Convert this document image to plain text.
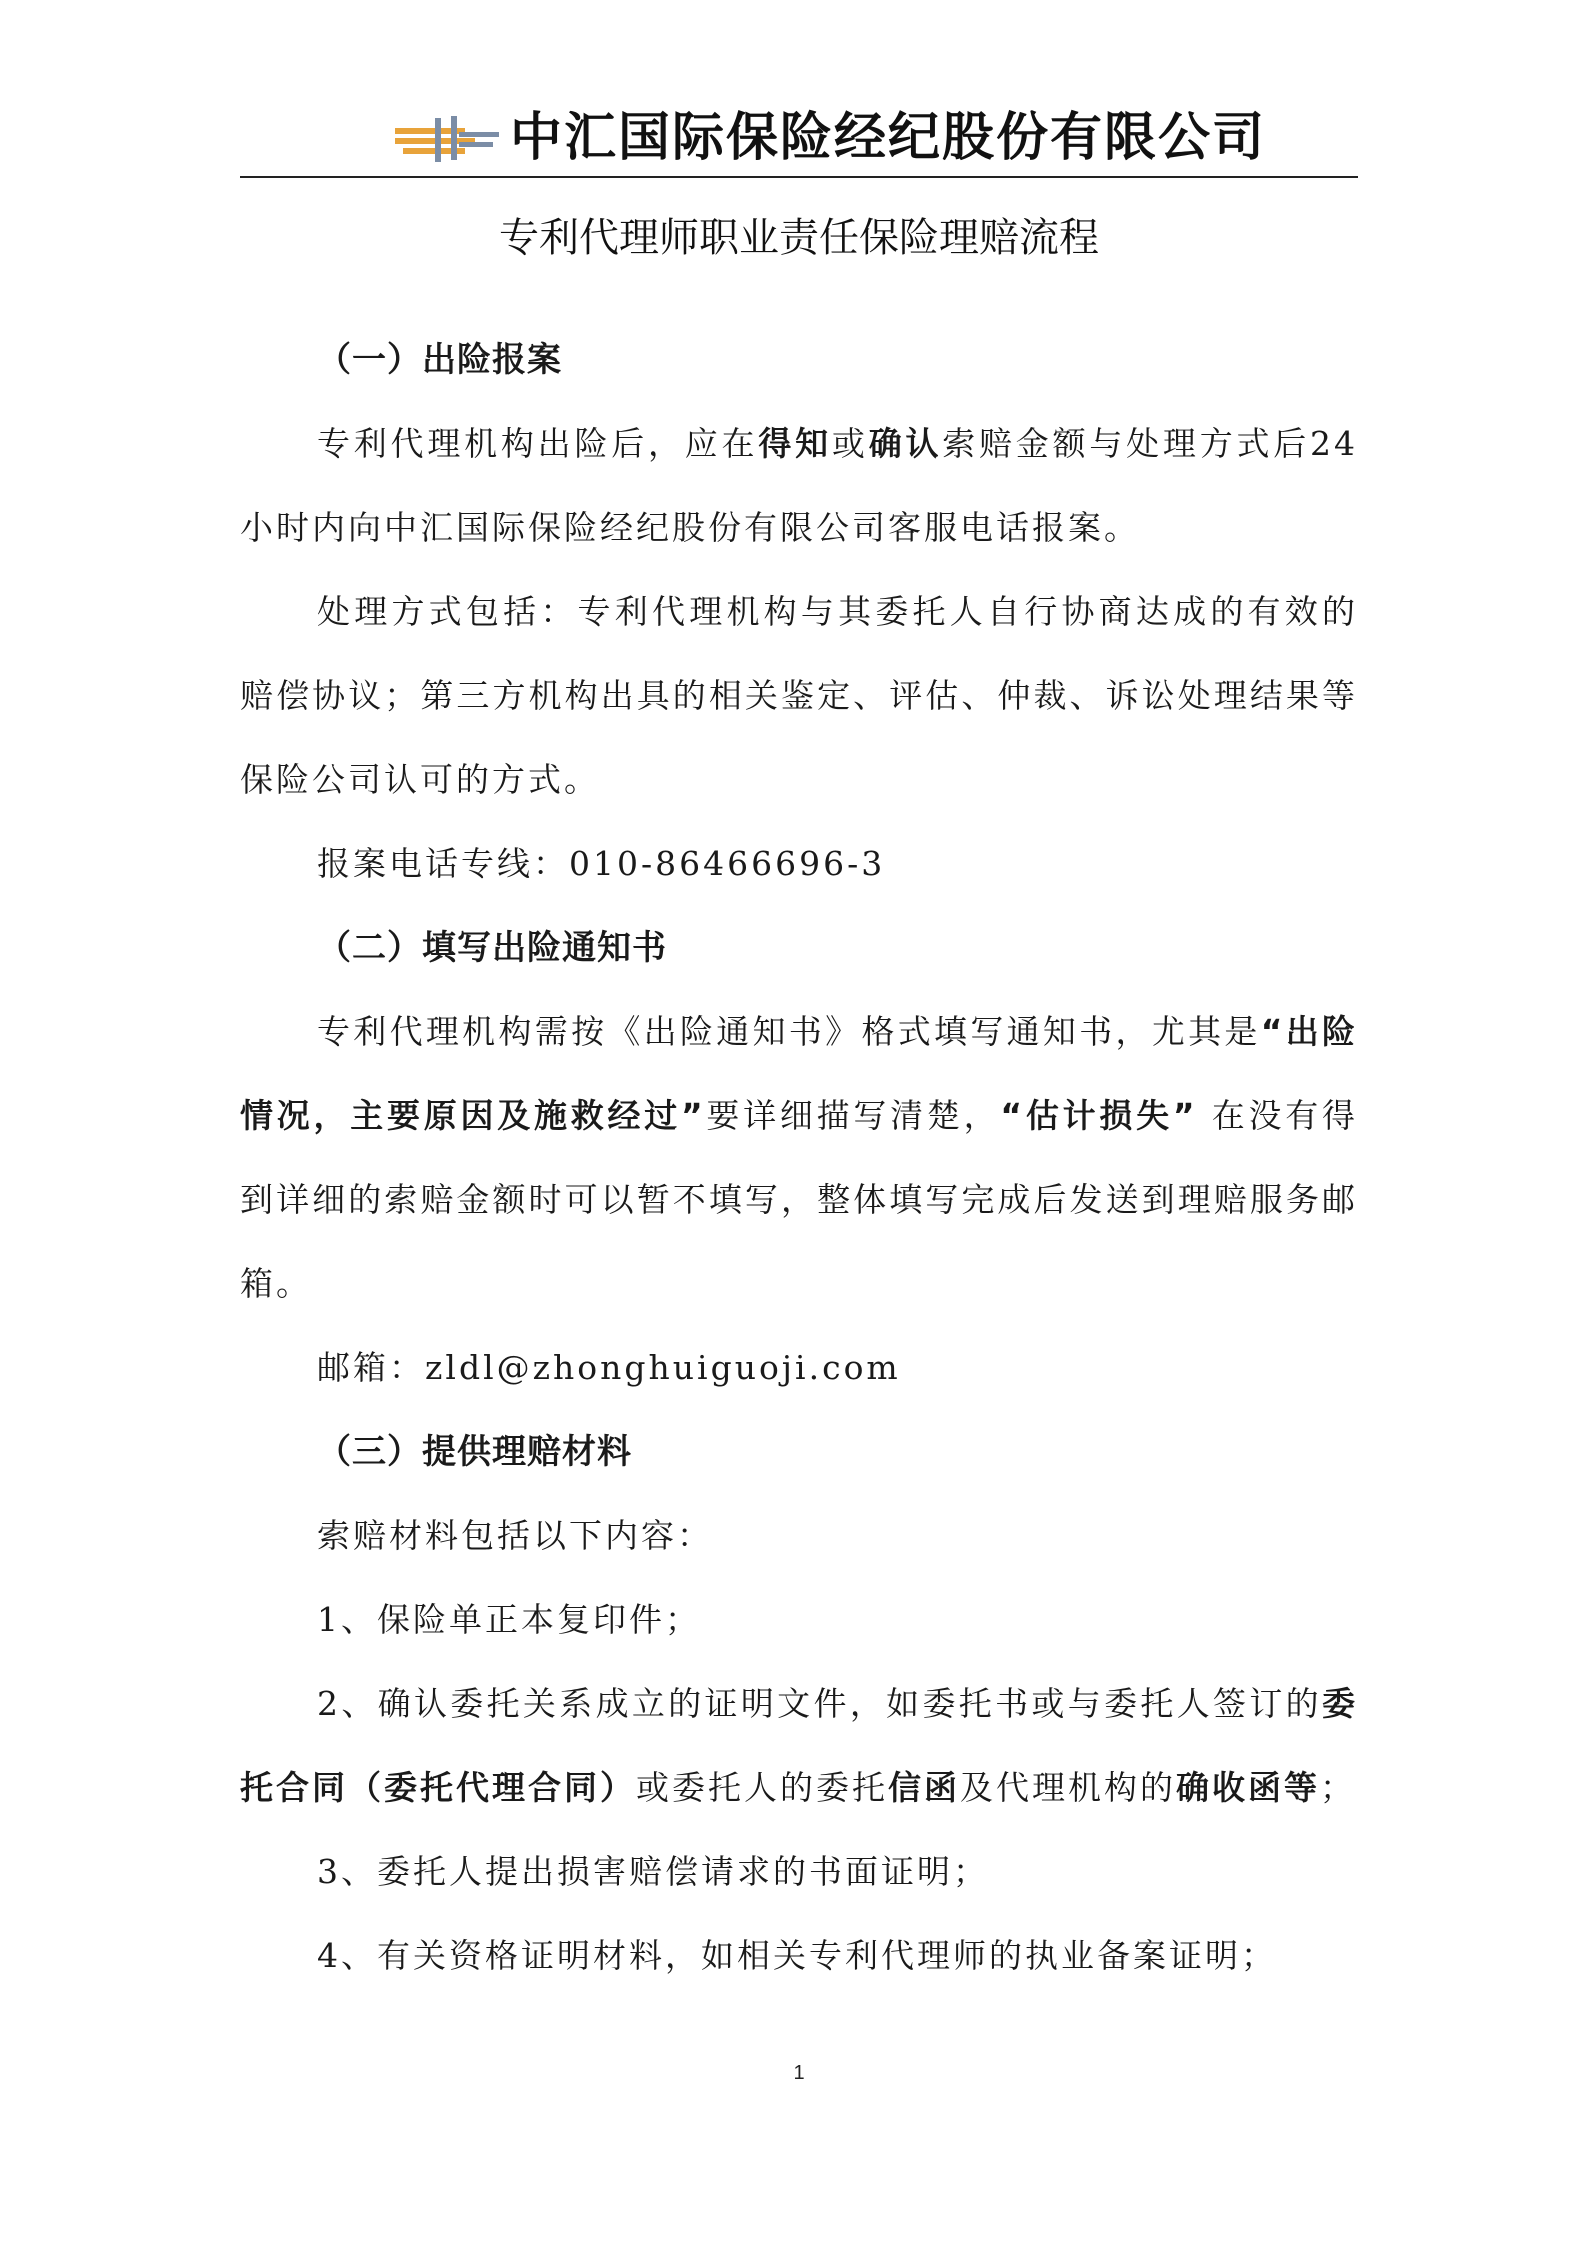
中汇国际保险经纪股份有限公司
专利代理师职业责任保险理赔流程

（一）出险报案

专利代理机构出险后，应在得知或确认索赔金额与处理方式后24小时内向中汇国际保险经纪股份有限公司客服电话报案。

处理方式包括：专利代理机构与其委托人自行协商达成的有效的赔偿协议；第三方机构出具的相关鉴定、评估、仲裁、诉讼处理结果等保险公司认可的方式。

报案电话专线：010-86466696-3

（二）填写出险通知书

专利代理机构需按《出险通知书》格式填写通知书，尤其是“出险情况，主要原因及施救经过”要详细描写清楚，“估计损失” 在没有得到详细的索赔金额时可以暂不填写，整体填写完成后发送到理赔服务邮箱。

邮箱：zldl@zhonghuiguoji.com

（三）提供理赔材料

索赔材料包括以下内容：

1、保险单正本复印件；

2、确认委托关系成立的证明文件，如委托书或与委托人签订的委托合同（委托代理合同）或委托人的委托信函及代理机构的确收函等；

3、委托人提出损害赔偿请求的书面证明；

4、有关资格证明材料，如相关专利代理师的执业备案证明；

1
